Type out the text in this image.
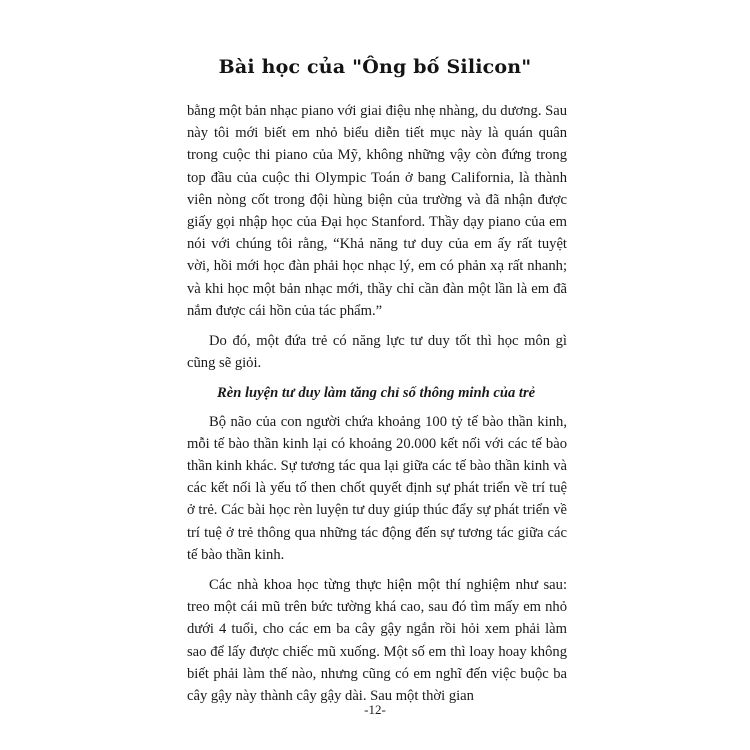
Bài học của "Ông bố Silicon"

bằng một bản nhạc piano với giai điệu nhẹ nhàng, du dương. Sau này tôi mới biết em nhỏ biểu diễn tiết mục này là quán quân trong cuộc thi piano của Mỹ, không những vậy còn đứng trong top đầu của cuộc thi Olympic Toán ở bang California, là thành viên nòng cốt trong đội hùng biện của trường và đã nhận được giấy gọi nhập học của Đại học Stanford. Thầy dạy piano của em nói với chúng tôi rằng, “Khả năng tư duy của em ấy rất tuyệt vời, hồi mới học đàn phải học nhạc lý, em có phản xạ rất nhanh; và khi học một bản nhạc mới, thầy chỉ cần đàn một lần là em đã nắm được cái hồn của tác phẩm.”

Do đó, một đứa trẻ có năng lực tư duy tốt thì học môn gì cũng sẽ giỏi.

Rèn luyện tư duy làm tăng chỉ số thông minh của trẻ

Bộ não của con người chứa khoảng 100 tỷ tế bào thần kinh, mỗi tế bào thần kinh lại có khoảng 20.000 kết nối với các tế bào thần kinh khác. Sự tương tác qua lại giữa các tế bào thần kinh và các kết nối là yếu tố then chốt quyết định sự phát triển về trí tuệ ở trẻ. Các bài học rèn luyện tư duy giúp thúc đẩy sự phát triển về trí tuệ ở trẻ thông qua những tác động đến sự tương tác giữa các tế bào thần kinh.

Các nhà khoa học từng thực hiện một thí nghiệm như sau: treo một cái mũ trên bức tường khá cao, sau đó tìm mấy em nhỏ dưới 4 tuổi, cho các em ba cây gậy ngắn rồi hỏi xem phải làm sao để lấy được chiếc mũ xuống. Một số em thì loay hoay không biết phải làm thế nào, nhưng cũng có em nghĩ đến việc buộc ba cây gậy này thành cây gậy dài. Sau một thời gian

-12-
